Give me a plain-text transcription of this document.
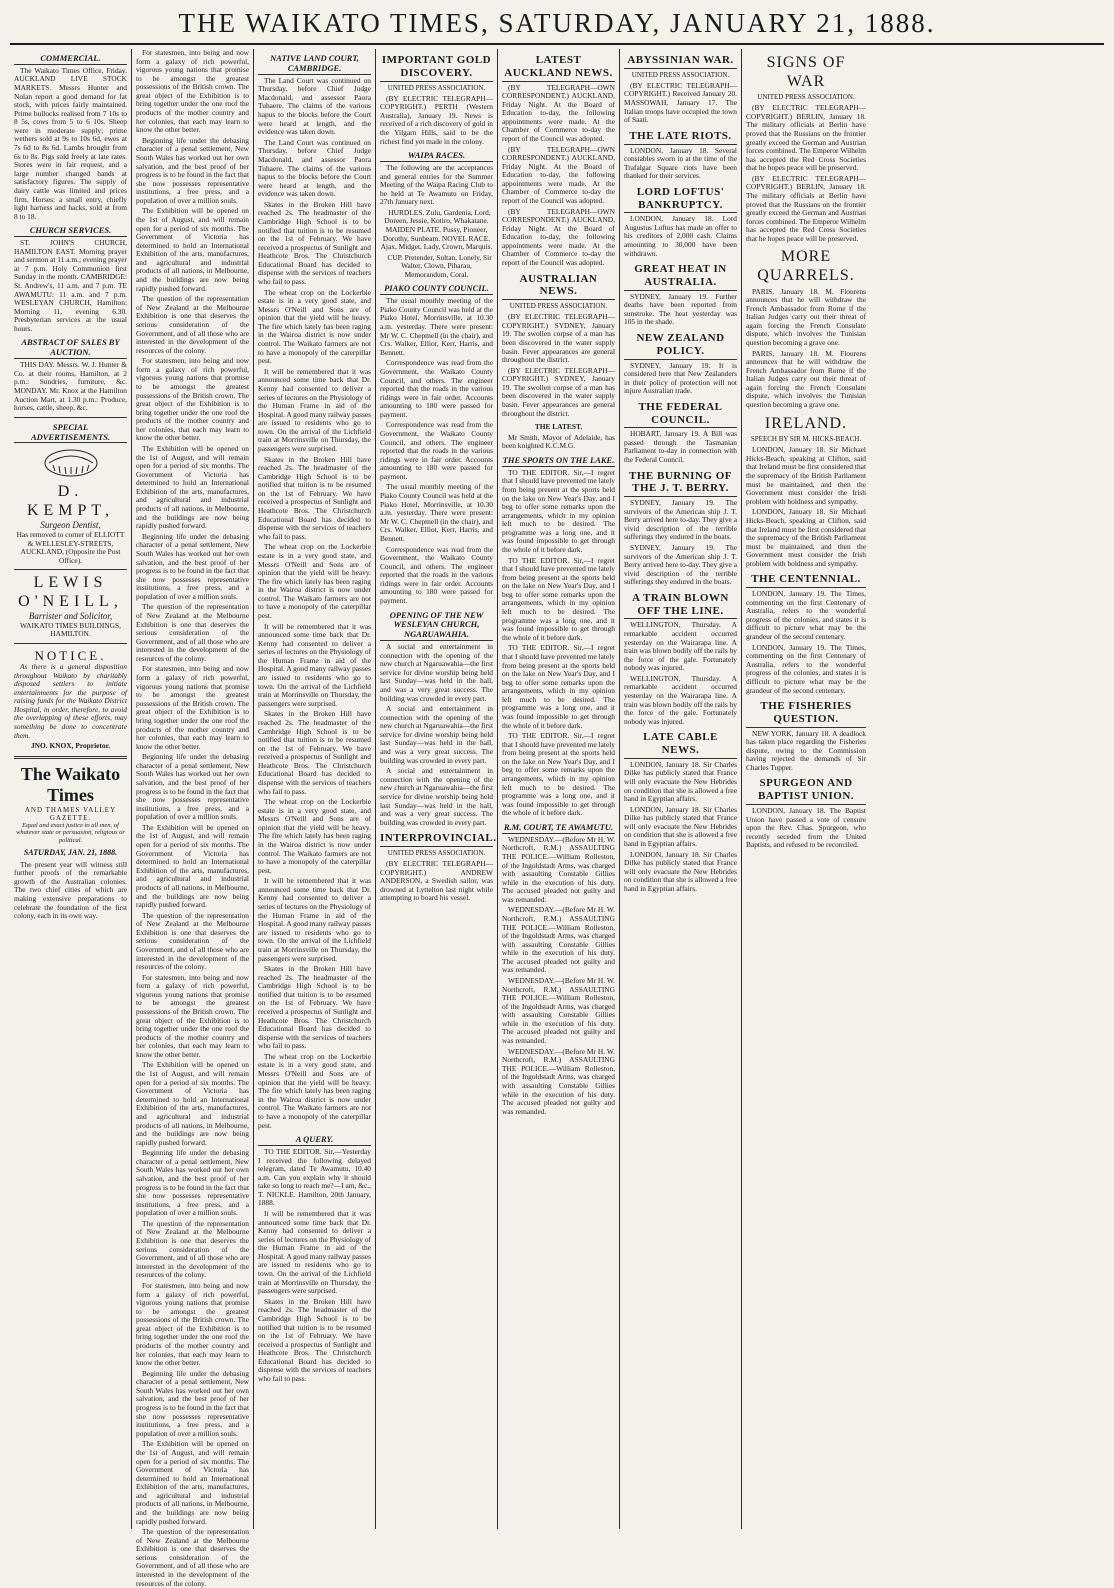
THE WAIKATO TIMES, SATURDAY, JANUARY 21, 1888.
COMMERCIAL.

The Waikato Times Office, Friday. AUCKLAND LIVE STOCK MARKETS. Messrs Hunter and Nolan report a good demand for fat stock, with prices fairly maintained. Prime bullocks realised from 7 10s to 8 5s, cows from 5 to 6 10s. Sheep were in moderate supply; prime wethers sold at 9s to 10s 6d, ewes at 7s 6d to 8s 6d. Lambs brought from 6s to 8s. Pigs sold freely at late rates. Stores were in fair request, and a large number changed hands at satisfactory figures. The supply of dairy cattle was limited and prices firm. Horses: a small entry, chiefly light harness and hacks, sold at from 8 to 18.

CHURCH SERVICES.

ST. JOHN'S CHURCH, HAMILTON EAST. Morning prayer and sermon at 11 a.m.; evening prayer at 7 p.m. Holy Communion first Sunday in the month. CAMBRIDGE: St. Andrew's, 11 a.m. and 7 p.m. TE AWAMUTU: 11 a.m. and 7 p.m. WESLEYAN CHURCH, Hamilton: Morning 11, evening 6.30. Presbyterian services at the usual hours.

ABSTRACT OF SALES BY AUCTION.

THIS DAY. Messrs. W. J. Hunter & Co. at their rooms, Hamilton, at 2 p.m.: Sundries, furniture, &c. MONDAY. Mr. Knox at the Hamilton Auction Mart, at 1.30 p.m.: Produce, horses, cattle, sheep, &c.

SPECIAL ADVERTISEMENTS.
D. KEMPT,
Surgeon Dentist,
Has removed to corner of ELLIOTT & WELLESLEY-STREETS, AUCKLAND, (Opposite the Post Office).
LEWIS O'NEILL,
Barrister and Solicitor,
WAIKATO TIMES BUILDINGS, HAMILTON.
NOTICE.

As there is a general disposition throughout Waikato by charitably disposed settlers to initiate entertainments for the purpose of raising funds for the Waikato District Hospital, in order, therefore, to avoid the overlapping of these efforts, may something be done to concentrate them.

JNO. KNOX, Proprietor.
The Waikato Times
AND THAMES VALLEY GAZETTE.
Equal and exact justice to all men, of whatever state or persuasion, religious or political.
SATURDAY, JAN. 21, 1888.

The present year will witness still further proofs of the remarkable growth of the Australian colonies. The two chief cities of which are making extensive preparations to celebrate the foundation of the first colony, each in its own way.

For statesmen, into being and now form a galaxy of rich powerful, vigorous young nations that promise to be amongst the greatest possessions of the British crown. The great object of the Exhibition is to bring together under the one roof the products of the mother country and her colonies, that each may learn to know the other better.

Beginning life under the debasing character of a penal settlement, New South Wales has worked out her own salvation, and the best proof of her progress is to be found in the fact that she now possesses representative institutions, a free press, and a population of over a million souls.

The Exhibition will be opened on the 1st of August, and will remain open for a period of six months. The Government of Victoria has determined to hold an International Exhibition of the arts, manufactures, and agricultural and industrial products of all nations, in Melbourne, and the buildings are now being rapidly pushed forward.

The question of the representation of New Zealand at the Melbourne Exhibition is one that deserves the serious consideration of the Government, and of all those who are interested in the development of the resources of the colony.

For statesmen, into being and now form a galaxy of rich powerful, vigorous young nations that promise to be amongst the greatest possessions of the British crown. The great object of the Exhibition is to bring together under the one roof the products of the mother country and her colonies, that each may learn to know the other better.

The Exhibition will be opened on the 1st of August, and will remain open for a period of six months. The Government of Victoria has determined to hold an International Exhibition of the arts, manufactures, and agricultural and industrial products of all nations, in Melbourne, and the buildings are now being rapidly pushed forward.

Beginning life under the debasing character of a penal settlement, New South Wales has worked out her own salvation, and the best proof of her progress is to be found in the fact that she now possesses representative institutions, a free press, and a population of over a million souls.

The question of the representation of New Zealand at the Melbourne Exhibition is one that deserves the serious consideration of the Government, and of all those who are interested in the development of the resources of the colony.

For statesmen, into being and now form a galaxy of rich powerful, vigorous young nations that promise to be amongst the greatest possessions of the British crown. The great object of the Exhibition is to bring together under the one roof the products of the mother country and her colonies, that each may learn to know the other better.

Beginning life under the debasing character of a penal settlement, New South Wales has worked out her own salvation, and the best proof of her progress is to be found in the fact that she now possesses representative institutions, a free press, and a population of over a million souls.

The Exhibition will be opened on the 1st of August, and will remain open for a period of six months. The Government of Victoria has determined to hold an International Exhibition of the arts, manufactures, and agricultural and industrial products of all nations, in Melbourne, and the buildings are now being rapidly pushed forward.

The question of the representation of New Zealand at the Melbourne Exhibition is one that deserves the serious consideration of the Government, and of all those who are interested in the development of the resources of the colony.

For statesmen, into being and now form a galaxy of rich powerful, vigorous young nations that promise to be amongst the greatest possessions of the British crown. The great object of the Exhibition is to bring together under the one roof the products of the mother country and her colonies, that each may learn to know the other better.

The Exhibition will be opened on the 1st of August, and will remain open for a period of six months. The Government of Victoria has determined to hold an International Exhibition of the arts, manufactures, and agricultural and industrial products of all nations, in Melbourne, and the buildings are now being rapidly pushed forward.

Beginning life under the debasing character of a penal settlement, New South Wales has worked out her own salvation, and the best proof of her progress is to be found in the fact that she now possesses representative institutions, a free press, and a population of over a million souls.

The question of the representation of New Zealand at the Melbourne Exhibition is one that deserves the serious consideration of the Government, and of all those who are interested in the development of the resources of the colony.

For statesmen, into being and now form a galaxy of rich powerful, vigorous young nations that promise to be amongst the greatest possessions of the British crown. The great object of the Exhibition is to bring together under the one roof the products of the mother country and her colonies, that each may learn to know the other better.

Beginning life under the debasing character of a penal settlement, New South Wales has worked out her own salvation, and the best proof of her progress is to be found in the fact that she now possesses representative institutions, a free press, and a population of over a million souls.

The Exhibition will be opened on the 1st of August, and will remain open for a period of six months. The Government of Victoria has determined to hold an International Exhibition of the arts, manufactures, and agricultural and industrial products of all nations, in Melbourne, and the buildings are now being rapidly pushed forward.

The question of the representation of New Zealand at the Melbourne Exhibition is one that deserves the serious consideration of the Government, and of all those who are interested in the development of the resources of the colony.

NATIVE LAND COURT, CAMBRIDGE.

The Land Court was continued on Thursday, before Chief Judge Macdonald, and assessor Paora Tuhaere. The claims of the various hapus to the blocks before the Court were heard at length, and the evidence was taken down.

The Land Court was continued on Thursday, before Chief Judge Macdonald, and assessor Paora Tuhaere. The claims of the various hapus to the blocks before the Court were heard at length, and the evidence was taken down.

Skates in the Broken Hill have reached 2s. The headmaster of the Cambridge High School is to be notified that tuition is to be resumed on the 1st of February. We have received a prospectus of Sunlight and Heathcote Bros. The Christchurch Educational Board has decided to dispense with the services of teachers who fail to pass.

The wheat crop on the Lockerbie estate is in a very good state, and Messrs O'Neill and Sons are of opinion that the yield will be heavy. The fire which lately has been raging in the Wairoa district is now under control. The Waikato farmers are not to have a monopoly of the caterpillar pest.

It will be remembered that it was announced some time back that Dr. Kenny had consented to deliver a series of lectures on the Physiology of the Human Frame in aid of the Hospital. A good many railway passes are issued to residents who go to town. On the arrival of the Lichfield train at Morrinsville on Thursday, the passengers were surprised.

Skates in the Broken Hill have reached 2s. The headmaster of the Cambridge High School is to be notified that tuition is to be resumed on the 1st of February. We have received a prospectus of Sunlight and Heathcote Bros. The Christchurch Educational Board has decided to dispense with the services of teachers who fail to pass.

The wheat crop on the Lockerbie estate is in a very good state, and Messrs O'Neill and Sons are of opinion that the yield will be heavy. The fire which lately has been raging in the Wairoa district is now under control. The Waikato farmers are not to have a monopoly of the caterpillar pest.

It will be remembered that it was announced some time back that Dr. Kenny had consented to deliver a series of lectures on the Physiology of the Human Frame in aid of the Hospital. A good many railway passes are issued to residents who go to town. On the arrival of the Lichfield train at Morrinsville on Thursday, the passengers were surprised.

Skates in the Broken Hill have reached 2s. The headmaster of the Cambridge High School is to be notified that tuition is to be resumed on the 1st of February. We have received a prospectus of Sunlight and Heathcote Bros. The Christchurch Educational Board has decided to dispense with the services of teachers who fail to pass.

The wheat crop on the Lockerbie estate is in a very good state, and Messrs O'Neill and Sons are of opinion that the yield will be heavy. The fire which lately has been raging in the Wairoa district is now under control. The Waikato farmers are not to have a monopoly of the caterpillar pest.

It will be remembered that it was announced some time back that Dr. Kenny had consented to deliver a series of lectures on the Physiology of the Human Frame in aid of the Hospital. A good many railway passes are issued to residents who go to town. On the arrival of the Lichfield train at Morrinsville on Thursday, the passengers were surprised.

Skates in the Broken Hill have reached 2s. The headmaster of the Cambridge High School is to be notified that tuition is to be resumed on the 1st of February. We have received a prospectus of Sunlight and Heathcote Bros. The Christchurch Educational Board has decided to dispense with the services of teachers who fail to pass.

The wheat crop on the Lockerbie estate is in a very good state, and Messrs O'Neill and Sons are of opinion that the yield will be heavy. The fire which lately has been raging in the Wairoa district is now under control. The Waikato farmers are not to have a monopoly of the caterpillar pest.

A QUERY.

TO THE EDITOR. Sir,—Yesterday I received the following delayed telegram, dated Te Awamutu, 10.40 a.m. Can you explain why it should take so long to reach me?—I am, &c., T. NICKLE. Hamilton, 20th January, 1888.

It will be remembered that it was announced some time back that Dr. Kenny had consented to deliver a series of lectures on the Physiology of the Human Frame in aid of the Hospital. A good many railway passes are issued to residents who go to town. On the arrival of the Lichfield train at Morrinsville on Thursday, the passengers were surprised.

Skates in the Broken Hill have reached 2s. The headmaster of the Cambridge High School is to be notified that tuition is to be resumed on the 1st of February. We have received a prospectus of Sunlight and Heathcote Bros. The Christchurch Educational Board has decided to dispense with the services of teachers who fail to pass.

IMPORTANT GOLD DISCOVERY.
UNITED PRESS ASSOCIATION.

(BY ELECTRIC TELEGRAPH—COPYRIGHT.) PERTH (Western Australia), January 19. News is received of a rich discovery of gold in the Yilgarn Hills, said to be the richest find yet made in the colony.

WAIPA RACES.

The following are the acceptances and general entries for the Summer Meeting of the Waipa Racing Club to be held at Te Awamutu on Friday, 27th January next.

HURDLES. Zulu, Gardenia, Lord, Doreen, Jessie, Kotiro, Whakatane. MAIDEN PLATE. Pussy, Pioneer, Dorothy, Sunbeam. NOVEL RACE. Ajax, Midget, Lady, Crown, Marquis.

CUP. Pretender, Sultan, Lonely, Sir Walter, Clown, Piharau, Memorandum, Coral.

PIAKO COUNTY COUNCIL.

The usual monthly meeting of the Piako County Council was held at the Piako Hotel, Morrinsville, at 10.30 a.m. yesterday. There were present: Mr W. C. Chepmell (in the chair), and Crs. Walker, Elliot, Kerr, Harris, and Bennett.

Correspondence was read from the Government, the Waikato County Council, and others. The engineer reported that the roads in the various ridings were in fair order. Accounts amounting to 180 were passed for payment.

Correspondence was read from the Government, the Waikato County Council, and others. The engineer reported that the roads in the various ridings were in fair order. Accounts amounting to 180 were passed for payment.

The usual monthly meeting of the Piako County Council was held at the Piako Hotel, Morrinsville, at 10.30 a.m. yesterday. There were present: Mr W. C. Chepmell (in the chair), and Crs. Walker, Elliot, Kerr, Harris, and Bennett.

Correspondence was read from the Government, the Waikato County Council, and others. The engineer reported that the roads in the various ridings were in fair order. Accounts amounting to 180 were passed for payment.

OPENING OF THE NEW WESLEYAN CHURCH, NGARUAWAHIA.

A social and entertainment in connection with the opening of the new church at Ngaruawahia—the first service for divine worship being held last Sunday—was held in the hall, and was a very great success. The building was crowded in every part.

A social and entertainment in connection with the opening of the new church at Ngaruawahia—the first service for divine worship being held last Sunday—was held in the hall, and was a very great success. The building was crowded in every part.

A social and entertainment in connection with the opening of the new church at Ngaruawahia—the first service for divine worship being held last Sunday—was held in the hall, and was a very great success. The building was crowded in every part.

INTERPROVINCIAL.
UNITED PRESS ASSOCIATION.

(BY ELECTRIC TELEGRAPH—COPYRIGHT.) ANDREW ANDERSON, a Swedish sailor, was drowned at Lyttelton last night while attempting to board his vessel.

LATEST AUCKLAND NEWS.

(BY TELEGRAPH—OWN CORRESPONDENT.) AUCKLAND, Friday Night. At the Board of Education to-day, the following appointments were made. At the Chamber of Commerce to-day the report of the Council was adopted.

(BY TELEGRAPH—OWN CORRESPONDENT.) AUCKLAND, Friday Night. At the Board of Education to-day, the following appointments were made. At the Chamber of Commerce to-day the report of the Council was adopted.

(BY TELEGRAPH—OWN CORRESPONDENT.) AUCKLAND, Friday Night. At the Board of Education to-day, the following appointments were made. At the Chamber of Commerce to-day the report of the Council was adopted.

AUSTRALIAN NEWS.
UNITED PRESS ASSOCIATION.

(BY ELECTRIC TELEGRAPH—COPYRIGHT.) SYDNEY, January 19. The swollen corpse of a man has been discovered in the water supply basin. Fever appearances are general throughout the district.

(BY ELECTRIC TELEGRAPH—COPYRIGHT.) SYDNEY, January 19. The swollen corpse of a man has been discovered in the water supply basin. Fever appearances are general throughout the district.

THE LATEST.

Mr Smith, Mayor of Adelaide, has been knighted K.C.M.G.

THE SPORTS ON THE LAKE.

TO THE EDITOR. Sir,—I regret that I should have prevented me lately from being present at the sports held on the lake on New Year's Day, and I beg to offer some remarks upon the arrangements, which in my opinion left much to be desired. The programme was a long one, and it was found impossible to get through the whole of it before dark.

TO THE EDITOR. Sir,—I regret that I should have prevented me lately from being present at the sports held on the lake on New Year's Day, and I beg to offer some remarks upon the arrangements, which in my opinion left much to be desired. The programme was a long one, and it was found impossible to get through the whole of it before dark.

TO THE EDITOR. Sir,—I regret that I should have prevented me lately from being present at the sports held on the lake on New Year's Day, and I beg to offer some remarks upon the arrangements, which in my opinion left much to be desired. The programme was a long one, and it was found impossible to get through the whole of it before dark.

TO THE EDITOR. Sir,—I regret that I should have prevented me lately from being present at the sports held on the lake on New Year's Day, and I beg to offer some remarks upon the arrangements, which in my opinion left much to be desired. The programme was a long one, and it was found impossible to get through the whole of it before dark.

R.M. COURT, TE AWAMUTU.

WEDNESDAY.—(Before Mr H. W. Northcroft, R.M.) ASSAULTING THE POLICE.—William Rolleston, of the Ingoldstadt Arms, was charged with assaulting Constable Gillies while in the execution of his duty. The accused pleaded not guilty and was remanded.

WEDNESDAY.—(Before Mr H. W. Northcroft, R.M.) ASSAULTING THE POLICE.—William Rolleston, of the Ingoldstadt Arms, was charged with assaulting Constable Gillies while in the execution of his duty. The accused pleaded not guilty and was remanded.

WEDNESDAY.—(Before Mr H. W. Northcroft, R.M.) ASSAULTING THE POLICE.—William Rolleston, of the Ingoldstadt Arms, was charged with assaulting Constable Gillies while in the execution of his duty. The accused pleaded not guilty and was remanded.

WEDNESDAY.—(Before Mr H. W. Northcroft, R.M.) ASSAULTING THE POLICE.—William Rolleston, of the Ingoldstadt Arms, was charged with assaulting Constable Gillies while in the execution of his duty. The accused pleaded not guilty and was remanded.

ABYSSINIAN WAR.
UNITED PRESS ASSOCIATION.

(BY ELECTRIC TELEGRAPH—COPYRIGHT.) Received January 20. MASSOWAH, January 17. The Italian troops have occupied the town of Saati.

THE LATE RIOTS.

LONDON, January 18. Several constables sworn in at the time of the Trafalgar Square riots have been thanked for their services.

LORD LOFTUS' BANKRUPTCY.

LONDON, January 18. Lord Augustus Loftus has made an offer to his creditors of 2,000 cash. Claims amounting to 30,000 have been withdrawn.

GREAT HEAT IN AUSTRALIA.

SYDNEY, January 19. Further deaths have been reported from sunstroke. The heat yesterday was 105 in the shade.

NEW ZEALAND POLICY.

SYDNEY, January 19. It is considered here that New Zealanders in their policy of protection will not injure Australian trade.

THE FEDERAL COUNCIL.

HOBART, January 19. A Bill was passed through the Tasmanian Parliament to-day in connection with the Federal Council.

THE BURNING OF THE J. T. BERRY.

SYDNEY, January 19. The survivors of the American ship J. T. Berry arrived here to-day. They give a vivid description of the terrible sufferings they endured in the boats.

SYDNEY, January 19. The survivors of the American ship J. T. Berry arrived here to-day. They give a vivid description of the terrible sufferings they endured in the boats.

A TRAIN BLOWN OFF THE LINE.

WELLINGTON, Thursday. A remarkable accident occurred yesterday on the Wairarapa line. A train was blown bodily off the rails by the force of the gale. Fortunately nobody was injured.

WELLINGTON, Thursday. A remarkable accident occurred yesterday on the Wairarapa line. A train was blown bodily off the rails by the force of the gale. Fortunately nobody was injured.

LATE CABLE NEWS.

LONDON, January 18. Sir Charles Dilke has publicly stated that France will only evacuate the New Hebrides on condition that she is allowed a free hand in Egyptian affairs.

LONDON, January 18. Sir Charles Dilke has publicly stated that France will only evacuate the New Hebrides on condition that she is allowed a free hand in Egyptian affairs.

LONDON, January 18. Sir Charles Dilke has publicly stated that France will only evacuate the New Hebrides on condition that she is allowed a free hand in Egyptian affairs.

SIGNS OF WAR
UNITED PRESS ASSOCIATION.

(BY ELECTRIC TELEGRAPH—COPYRIGHT.) BERLIN, January 18. The military officials at Berlin have proved that the Russians on the frontier greatly exceed the German and Austrian forces combined. The Emperor Wilhelm has accepted the Red Cross Societies that he hopes peace will be preserved.

(BY ELECTRIC TELEGRAPH—COPYRIGHT.) BERLIN, January 18. The military officials at Berlin have proved that the Russians on the frontier greatly exceed the German and Austrian forces combined. The Emperor Wilhelm has accepted the Red Cross Societies that he hopes peace will be preserved.

MORE QUARRELS.

PARIS, January 18. M. Flourens announces that he will withdraw the French Ambassador from Rome if the Italian Judges carry out their threat of again forcing the French Consulate dispute, which involves the Tunisian question becoming a grave one.

PARIS, January 18. M. Flourens announces that he will withdraw the French Ambassador from Rome if the Italian Judges carry out their threat of again forcing the French Consulate dispute, which involves the Tunisian question becoming a grave one.

IRELAND.
SPEECH BY SIR M. HICKS-BEACH.

LONDON, January 18. Sir Michael Hicks-Beach, speaking at Clifton, said that Ireland must be first considered that the supremacy of the British Parliament must be maintained, and then the Government must consider the Irish problem with boldness and sympathy.

LONDON, January 18. Sir Michael Hicks-Beach, speaking at Clifton, said that Ireland must be first considered that the supremacy of the British Parliament must be maintained, and then the Government must consider the Irish problem with boldness and sympathy.

THE CENTENNIAL.

LONDON, January 19. The Times, commenting on the first Centenary of Australia, refers to the wonderful progress of the colonies, and states it is difficult to picture what may be the grandeur of the second centenary.

LONDON, January 19. The Times, commenting on the first Centenary of Australia, refers to the wonderful progress of the colonies, and states it is difficult to picture what may be the grandeur of the second centenary.

THE FISHERIES QUESTION.

NEW YORK, January 18. A deadlock has taken place regarding the Fisheries dispute, owing to the Commission having rejected the demands of Sir Charles Tupper.

SPURGEON AND BAPTIST UNION.

LONDON, January 18. The Baptist Union have passed a vote of censure upon the Rev. Chas. Spurgeon, who recently seceded from the United Baptists, and refused to be reconciled.
